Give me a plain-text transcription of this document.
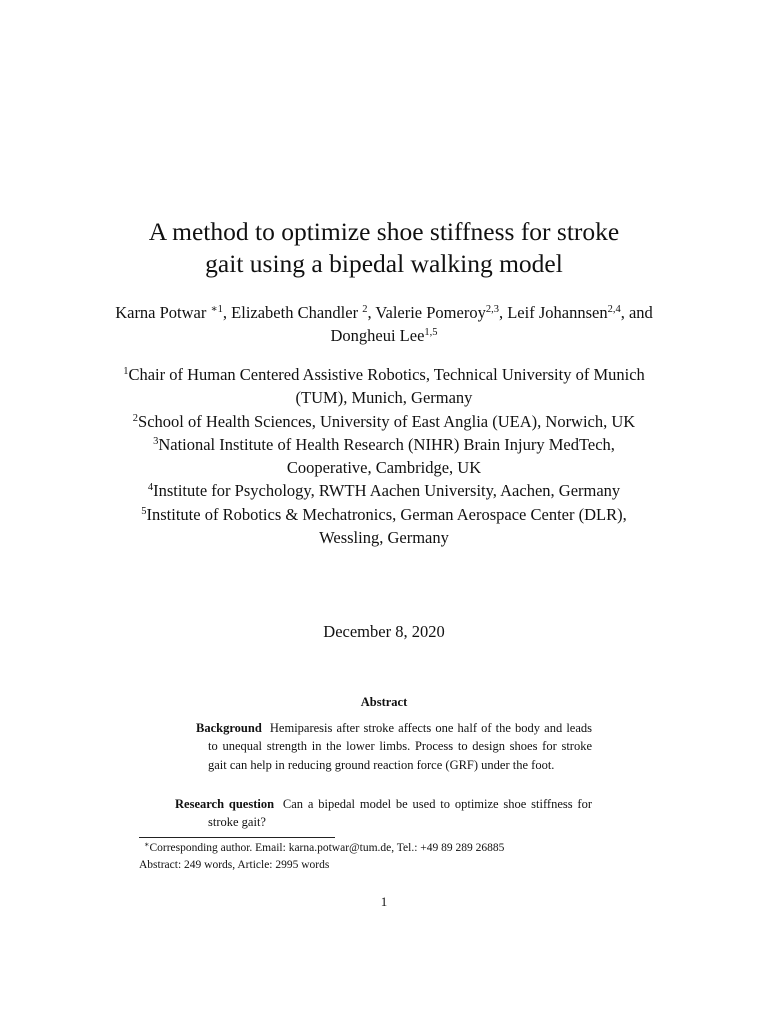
A method to optimize shoe stiffness for stroke
gait using a bipedal walking model
Karna Potwar $^{∗1}$, Elizabeth Chandler $^2$, Valerie Pomeroy$^{2,3}$, Leif Johannsen$^{2,4}$, and Dongheui Lee$^{1,5}$

$^1$Chair of Human Centered Assistive Robotics, Technical University of Munich (TUM), Munich, Germany

$^2$School of Health Sciences, University of East Anglia (UEA), Norwich, UK

$^3$National Institute of Health Research (NIHR) Brain Injury MedTech, Cooperative, Cambridge, UK

$^4$Institute for Psychology, RWTH Aachen University, Aachen, Germany

$^5$Institute of Robotics & Mechatronics, German Aerospace Center (DLR), Wessling, Germany

December 8, 2020
Abstract

Background Hemiparesis after stroke affects one half of the body and leads to unequal strength in the lower limbs. Process to design shoes for stroke gait can help in reducing ground reaction force (GRF) under the foot.

Research question Can a bipedal model be used to optimize shoe stiffness for stroke gait?

∗Corresponding author. Email: karna.potwar@tum.de, Tel.: +49 89 289 26885

Abstract: 249 words, Article: 2995 words

1
